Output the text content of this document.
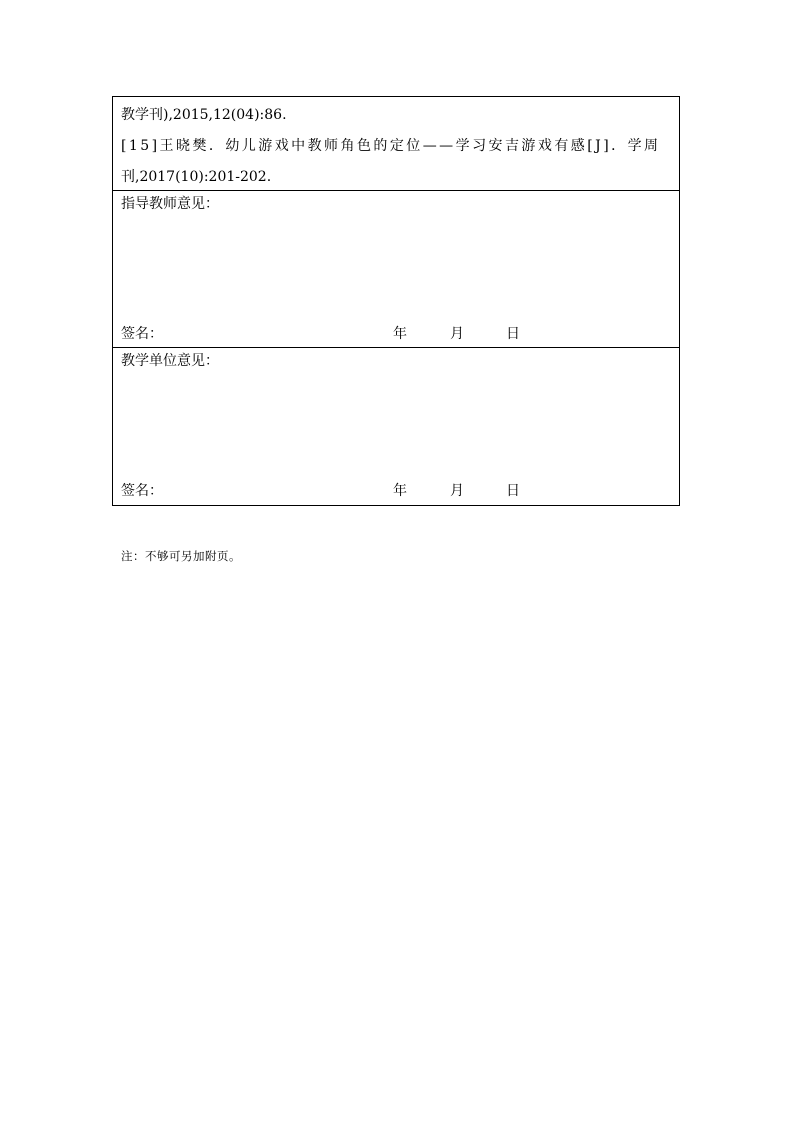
教学刊),2015,12(04):86.
[15]王晓樊．幼儿游戏中教师角色的定位——学习安吉游戏有感[J]．学周
刊,2017(10):201-202.
指导教师意见：
签名：	年	月	日
教学单位意见：
签名：	年	月	日
注：不够可另加附页。
